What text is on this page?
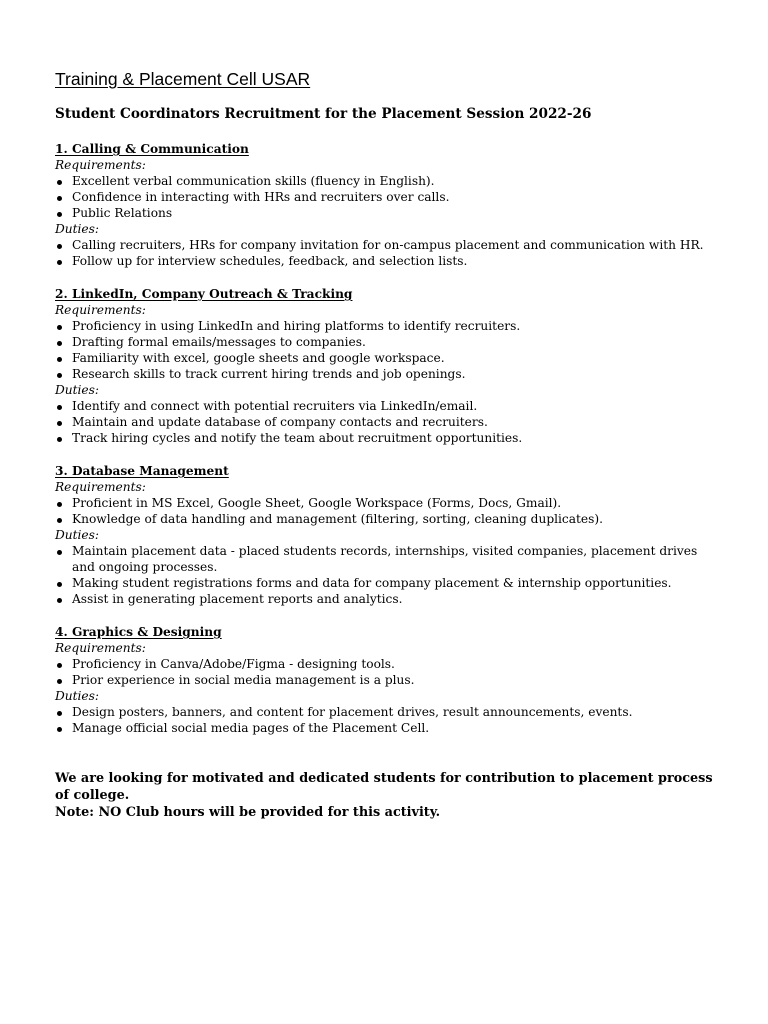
Training & Placement Cell USAR
Student Coordinators Recruitment for the Placement Session 2022-26
1. Calling & Communication
Requirements:
Excellent verbal communication skills (fluency in English).
Confidence in interacting with HRs and recruiters over calls.
Public Relations
Duties:
Calling recruiters, HRs for company invitation for on-campus placement and communication with HR.
Follow up for interview schedules, feedback, and selection lists.
2. LinkedIn, Company Outreach & Tracking
Requirements:
Proficiency in using LinkedIn and hiring platforms to identify recruiters.
Drafting formal emails/messages to companies.
Familiarity with excel, google sheets and google workspace.
Research skills to track current hiring trends and job openings.
Duties:
Identify and connect with potential recruiters via LinkedIn/email.
Maintain and update database of company contacts and recruiters.
Track hiring cycles and notify the team about recruitment opportunities.
3. Database Management
Requirements:
Proficient in MS Excel, Google Sheet, Google Workspace (Forms, Docs, Gmail).
Knowledge of data handling and management (filtering, sorting, cleaning duplicates).
Duties:
Maintain placement data - placed students records, internships, visited companies, placement drives and ongoing processes.
Making student registrations forms and data for company placement & internship opportunities.
Assist in generating placement reports and analytics.
4. Graphics & Designing
Requirements:
Proficiency in Canva/Adobe/Figma - designing tools.
Prior experience in social media management is a plus.
Duties:
Design posters, banners, and content for placement drives, result announcements, events.
Manage official social media pages of the Placement Cell.

We are looking for motivated and dedicated students for contribution to placement process of college.

Note: NO Club hours will be provided for this activity.
